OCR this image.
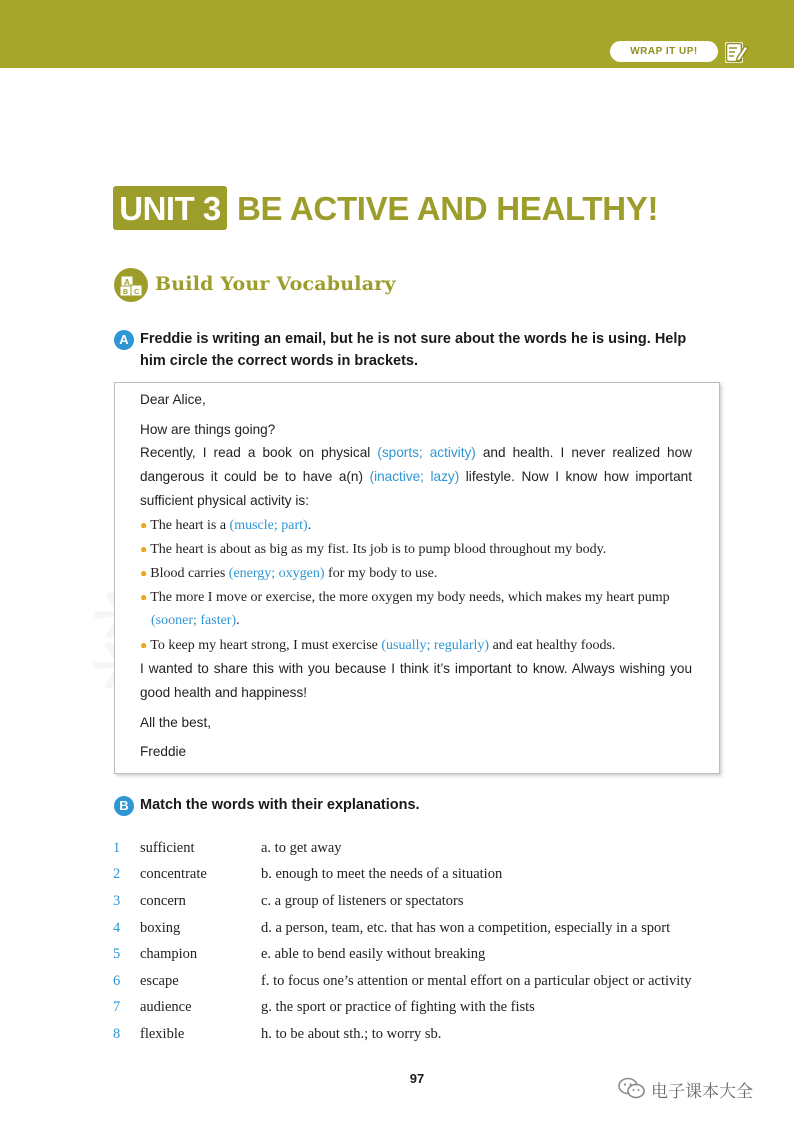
WRAP IT UP!
UNIT 3 BE ACTIVE AND HEALTHY!
A
B C Build Your Vocabulary
A Freddie is writing an email, but he is not sure about the words he is using. Help
him circle the correct words in brackets.
Dear Alice,
How are things going?
Recently, I read a book on physical (sports; activity) and health. I never realized how dangerous it could be to have a(n) (inactive; lazy) lifestyle. Now I know how important sufficient physical activity is:
● The heart is a (muscle; part).
● The heart is about as big as my fist. Its job is to pump blood throughout my body.
● Blood carries (energy; oxygen) for my body to use.
● The more I move or exercise, the more oxygen my body needs, which makes my heart pump
(sooner; faster).
● To keep my heart strong, I must exercise (usually; regularly) and eat healthy foods.
I wanted to share this with you because I think it’s important to know. Always wishing you good health and happiness!
All the best,
Freddie
B Match the words with their explanations.
1 sufficient	a. to get away
2 concentrate	b. enough to meet the needs of a situation
3 concern	c. a group of listeners or spectators
4 boxing	d. a person, team, etc. that has won a competition, especially in a sport
5 champion	e. able to bend easily without breaking
6 escape	f. to focus one’s attention or mental effort on a particular object or activity
7 audience	g. the sport or practice of fighting with the fists
8 flexible	h. to be about sth.; to worry sb.
97
电子课本大全
